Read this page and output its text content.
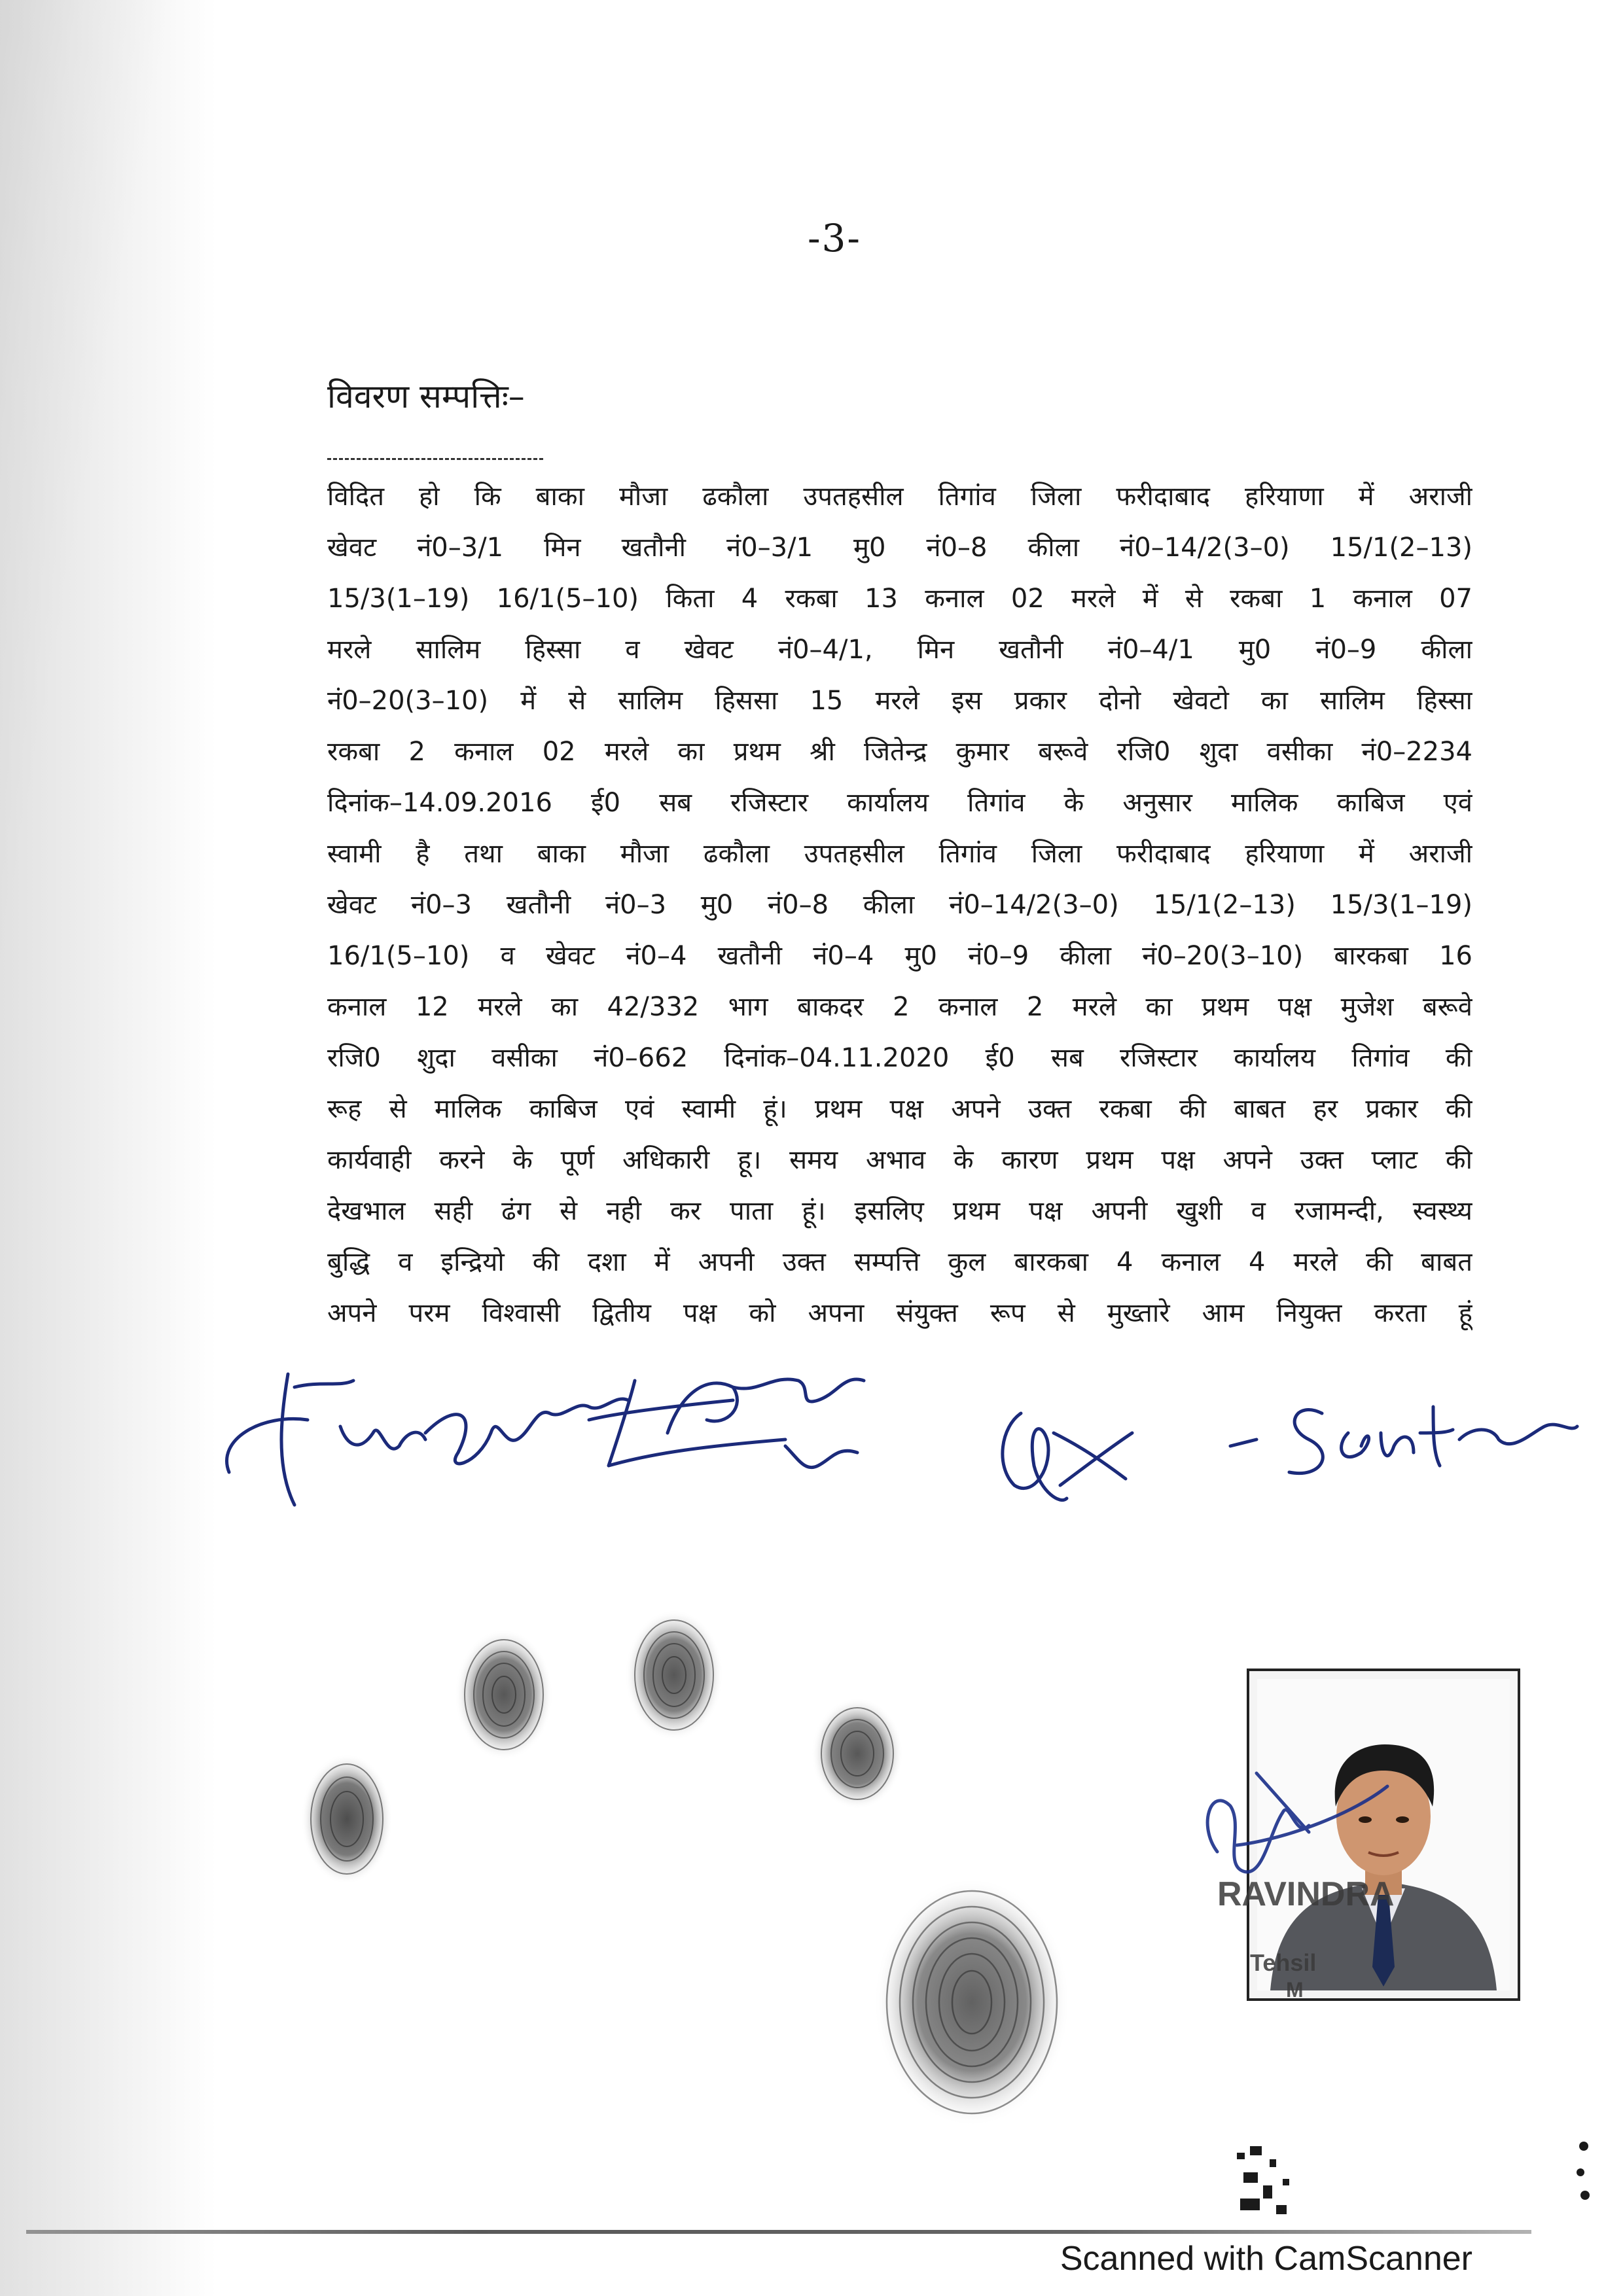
-3-
विवरण सम्पत्तिः–
विदित हो कि बाका मौजा ढकौला उपतहसील तिगांव जिला फरीदाबाद हरियाणा में अराजी
खेवट नं0–3/1 मिन खतौनी नं0–3/1 मु0 नं0–8 कीला नं0–14/2(3–0) 15/1(2–13)
15/3(1–19) 16/1(5–10) किता 4 रकबा 13 कनाल 02 मरले में से रकबा 1 कनाल 07
मरले सालिम हिस्सा व खेवट नं0–4/1, मिन खतौनी नं0–4/1 मु0 नं0–9 कीला
नं0–20(3–10) में से सालिम हिससा 15 मरले इस प्रकार दोनो खेवटो का सालिम हिस्सा
रकबा 2 कनाल 02 मरले का प्रथम श्री जितेन्द्र कुमार बरूवे रजि0 शुदा वसीका नं0–2234
दिनांक–14.09.2016 ई0 सब रजिस्टार कार्यालय तिगांव के अनुसार मालिक काबिज एवं
स्वामी है तथा बाका मौजा ढकौला उपतहसील तिगांव जिला फरीदाबाद हरियाणा में अराजी
खेवट नं0–3 खतौनी नं0–3 मु0 नं0–8 कीला नं0–14/2(3–0) 15/1(2–13) 15/3(1–19)
16/1(5–10) व खेवट नं0–4 खतौनी नं0–4 मु0 नं0–9 कीला नं0–20(3–10) बारकबा 16
कनाल 12 मरले का 42/332 भाग बाकदर 2 कनाल 2 मरले का प्रथम पक्ष मुजेश बरूवे
रजि0 शुदा वसीका नं0–662 दिनांक–04.11.2020 ई0 सब रजिस्टार कार्यालय तिगांव की
रूह से मालिक काबिज एवं स्वामी हूं। प्रथम पक्ष अपने उक्त रकबा की बाबत हर प्रकार की
कार्यवाही करने के पूर्ण अधिकारी हू। समय अभाव के कारण प्रथम पक्ष अपने उक्त प्लाट की
देखभाल सही ढंग से नही कर पाता हूं। इसलिए प्रथम पक्ष अपनी खुशी व रजामन्दी, स्वस्थ्य
बुद्धि व इन्द्रियो की दशा में अपनी उक्त सम्पत्ति कुल बारकबा 4 कनाल 4 मरले की बाबत
अपने परम विश्वासी द्वितीय पक्ष को अपना संयुक्त रूप से मुख्तारे आम नियुक्त करता हूं
RAVINDRA
Tehsil
M
Scanned with CamScanner
